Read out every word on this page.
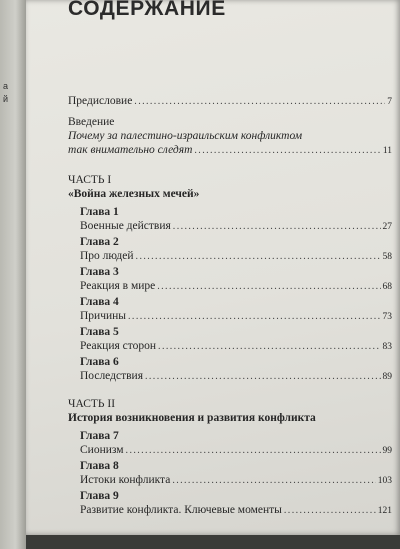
а
й
СОДЕРЖАНИЕ
Предисловие .....	7
Введение
Почему за палестино-израильским конфликтом
так внимательно следят .....	11
ЧАСТЬ I
«Война железных мечей»
Глава 1
Военные действия .....	27
Глава 2
Про людей .....	58
Глава 3
Реакция в мире .....	68
Глава 4
Причины .....	73
Глава 5
Реакция сторон .....	83
Глава 6
Последствия .....	89
ЧАСТЬ II
История возникновения и развития конфликта
Глава 7
Сионизм .....	99
Глава 8
Истоки конфликта .....	103
Глава 9
Развитие конфликта. Ключевые моменты .....	121
